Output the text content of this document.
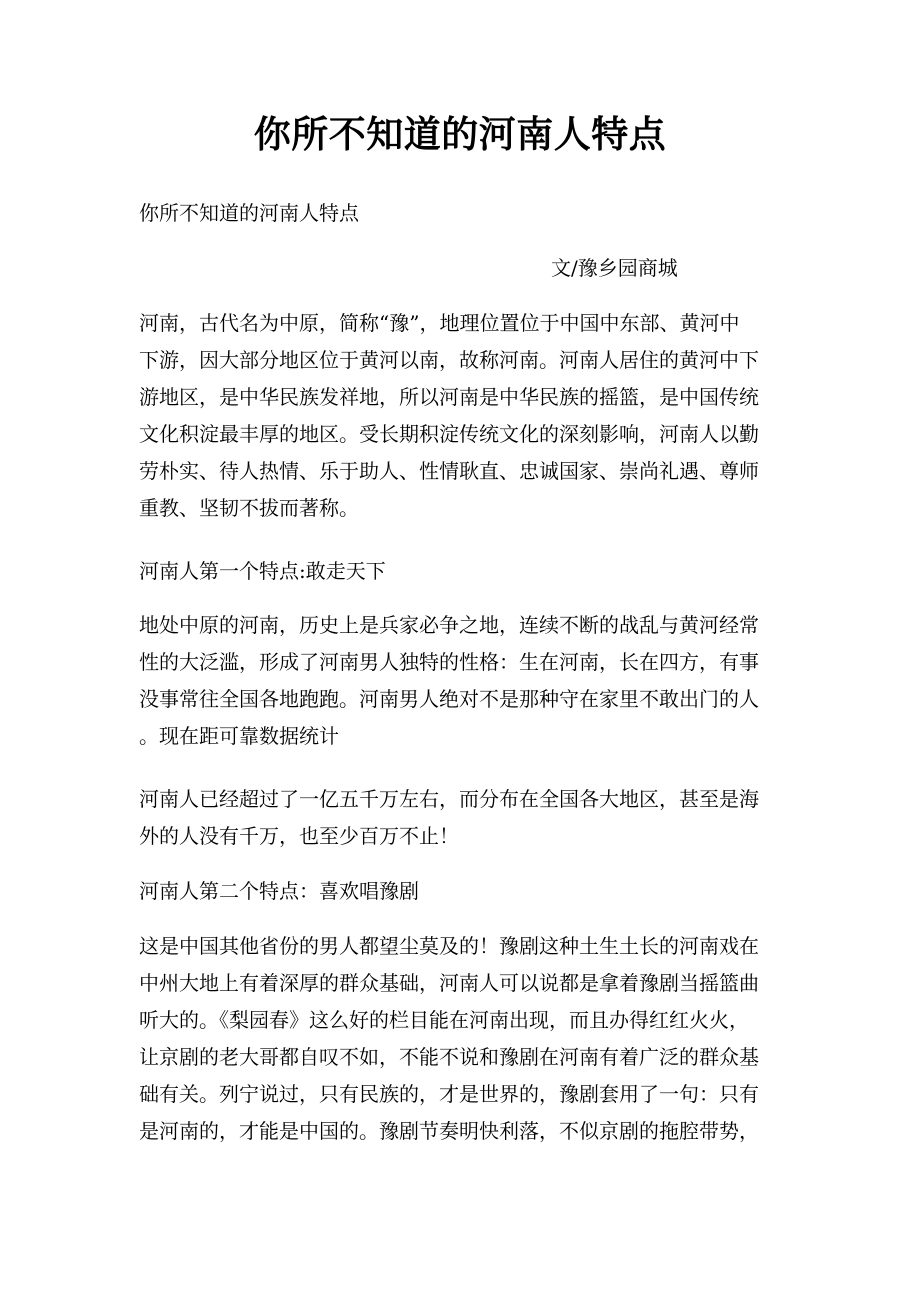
你所不知道的河南人特点
你所不知道的河南人特点
文/豫乡园商城
河南，古代名为中原，简称“豫”，地理位置位于中国中东部、黄河中
下游，因大部分地区位于黄河以南，故称河南。河南人居住的黄河中下
游地区，是中华民族发祥地，所以河南是中华民族的摇篮，是中国传统
文化积淀最丰厚的地区。受长期积淀传统文化的深刻影响，河南人以勤
劳朴实、待人热情、乐于助人、性情耿直、忠诚国家、崇尚礼遇、尊师
重教、坚韧不拔而著称。
河南人第一个特点:敢走天下
地处中原的河南，历史上是兵家必争之地，连续不断的战乱与黄河经常
性的大泛滥，形成了河南男人独特的性格：生在河南，长在四方，有事
没事常往全国各地跑跑。河南男人绝对不是那种守在家里不敢出门的人
。现在距可靠数据统计
河南人已经超过了一亿五千万左右，而分布在全国各大地区，甚至是海
外的人没有千万，也至少百万不止！
河南人第二个特点：喜欢唱豫剧
这是中国其他省份的男人都望尘莫及的！豫剧这种土生土长的河南戏在
中州大地上有着深厚的群众基础，河南人可以说都是拿着豫剧当摇篮曲
听大的。《梨园春》这么好的栏目能在河南出现，而且办得红红火火，
让京剧的老大哥都自叹不如，不能不说和豫剧在河南有着广泛的群众基
础有关。列宁说过，只有民族的，才是世界的，豫剧套用了一句：只有
是河南的，才能是中国的。豫剧节奏明快利落，不似京剧的拖腔带势，
